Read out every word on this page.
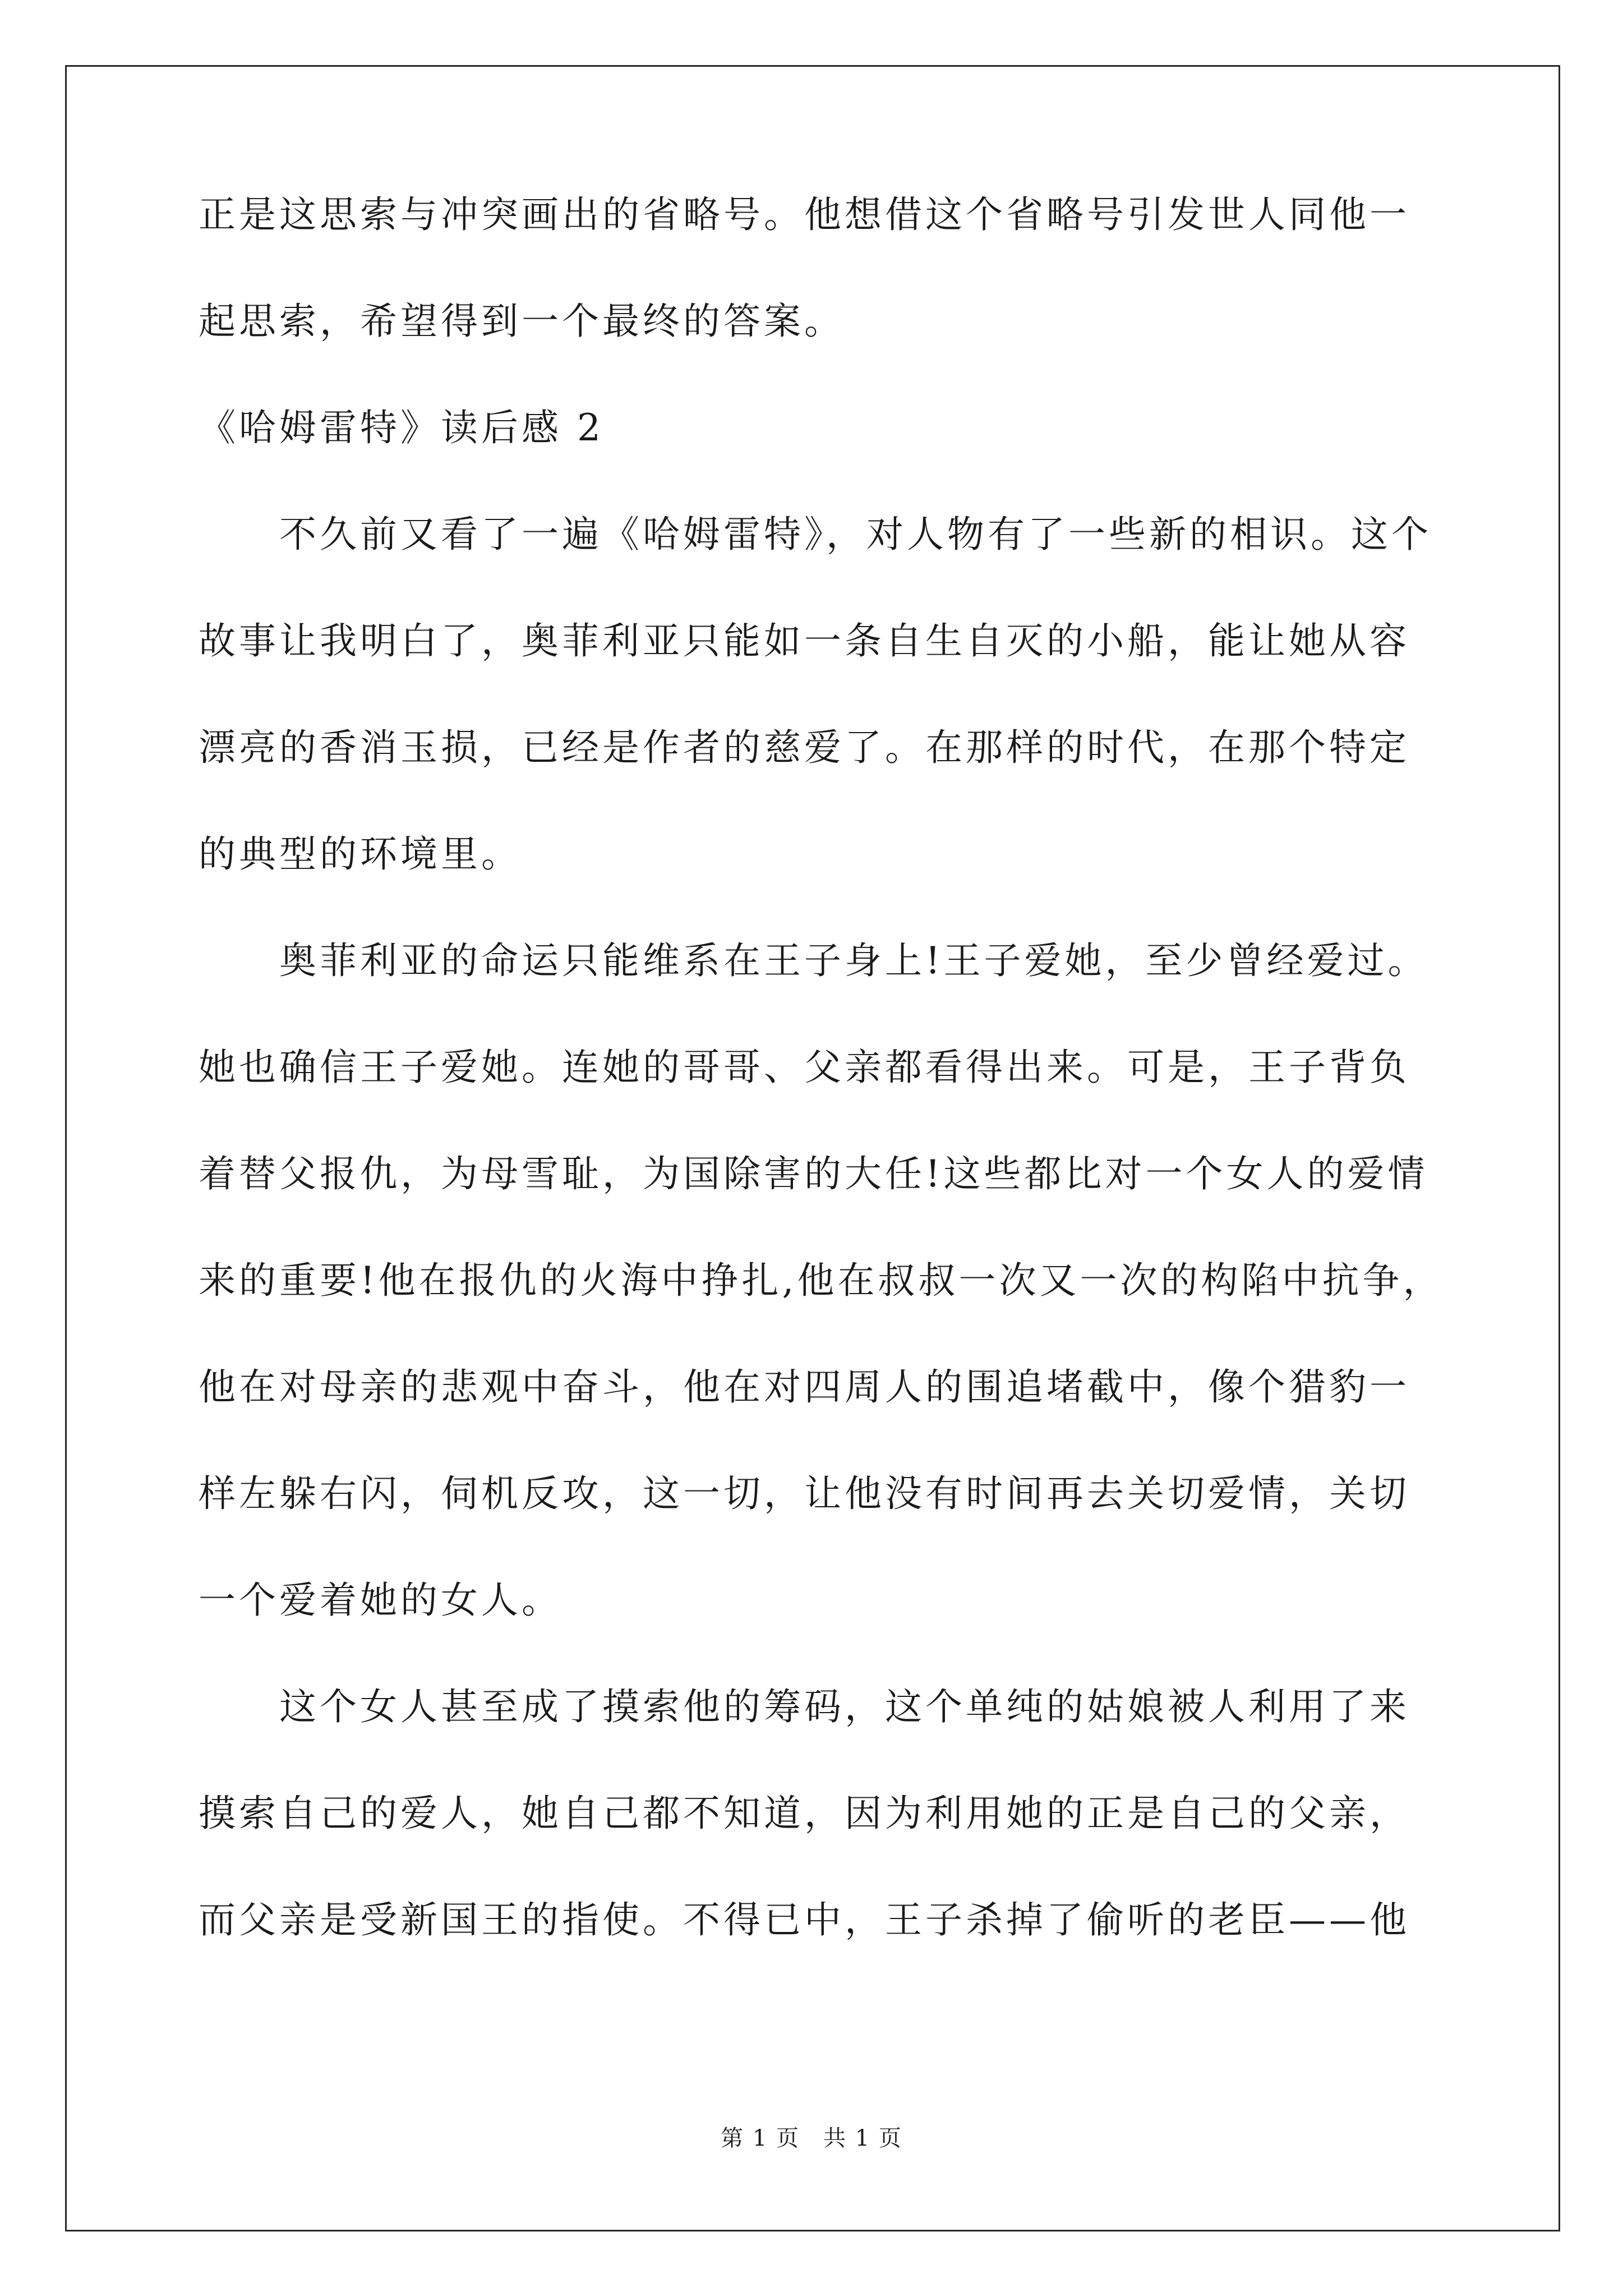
正是这思索与冲突画出的省略号。他想借这个省略号引发世人同他一

起思索，希望得到一个最终的答案。

《哈姆雷特》读后感 2

　　不久前又看了一遍《哈姆雷特》，对人物有了一些新的相识。这个

故事让我明白了，奥菲利亚只能如一条自生自灭的小船，能让她从容

漂亮的香消玉损，已经是作者的慈爱了。在那样的时代，在那个特定

的典型的环境里。

　　奥菲利亚的命运只能维系在王子身上!王子爱她，至少曾经爱过。

她也确信王子爱她。连她的哥哥、父亲都看得出来。可是，王子背负

着替父报仇，为母雪耻，为国除害的大任!这些都比对一个女人的爱情

来的重要!他在报仇的火海中挣扎,他在叔叔一次又一次的构陷中抗争，

他在对母亲的悲观中奋斗，他在对四周人的围追堵截中，像个猎豹一

样左躲右闪，伺机反攻，这一切，让他没有时间再去关切爱情，关切

一个爱着她的女人。

　　这个女人甚至成了摸索他的筹码，这个单纯的姑娘被人利用了来

摸索自己的爱人，她自己都不知道，因为利用她的正是自己的父亲，

而父亲是受新国王的指使。不得已中，王子杀掉了偷听的老臣——他

第 1 页　共 1 页
